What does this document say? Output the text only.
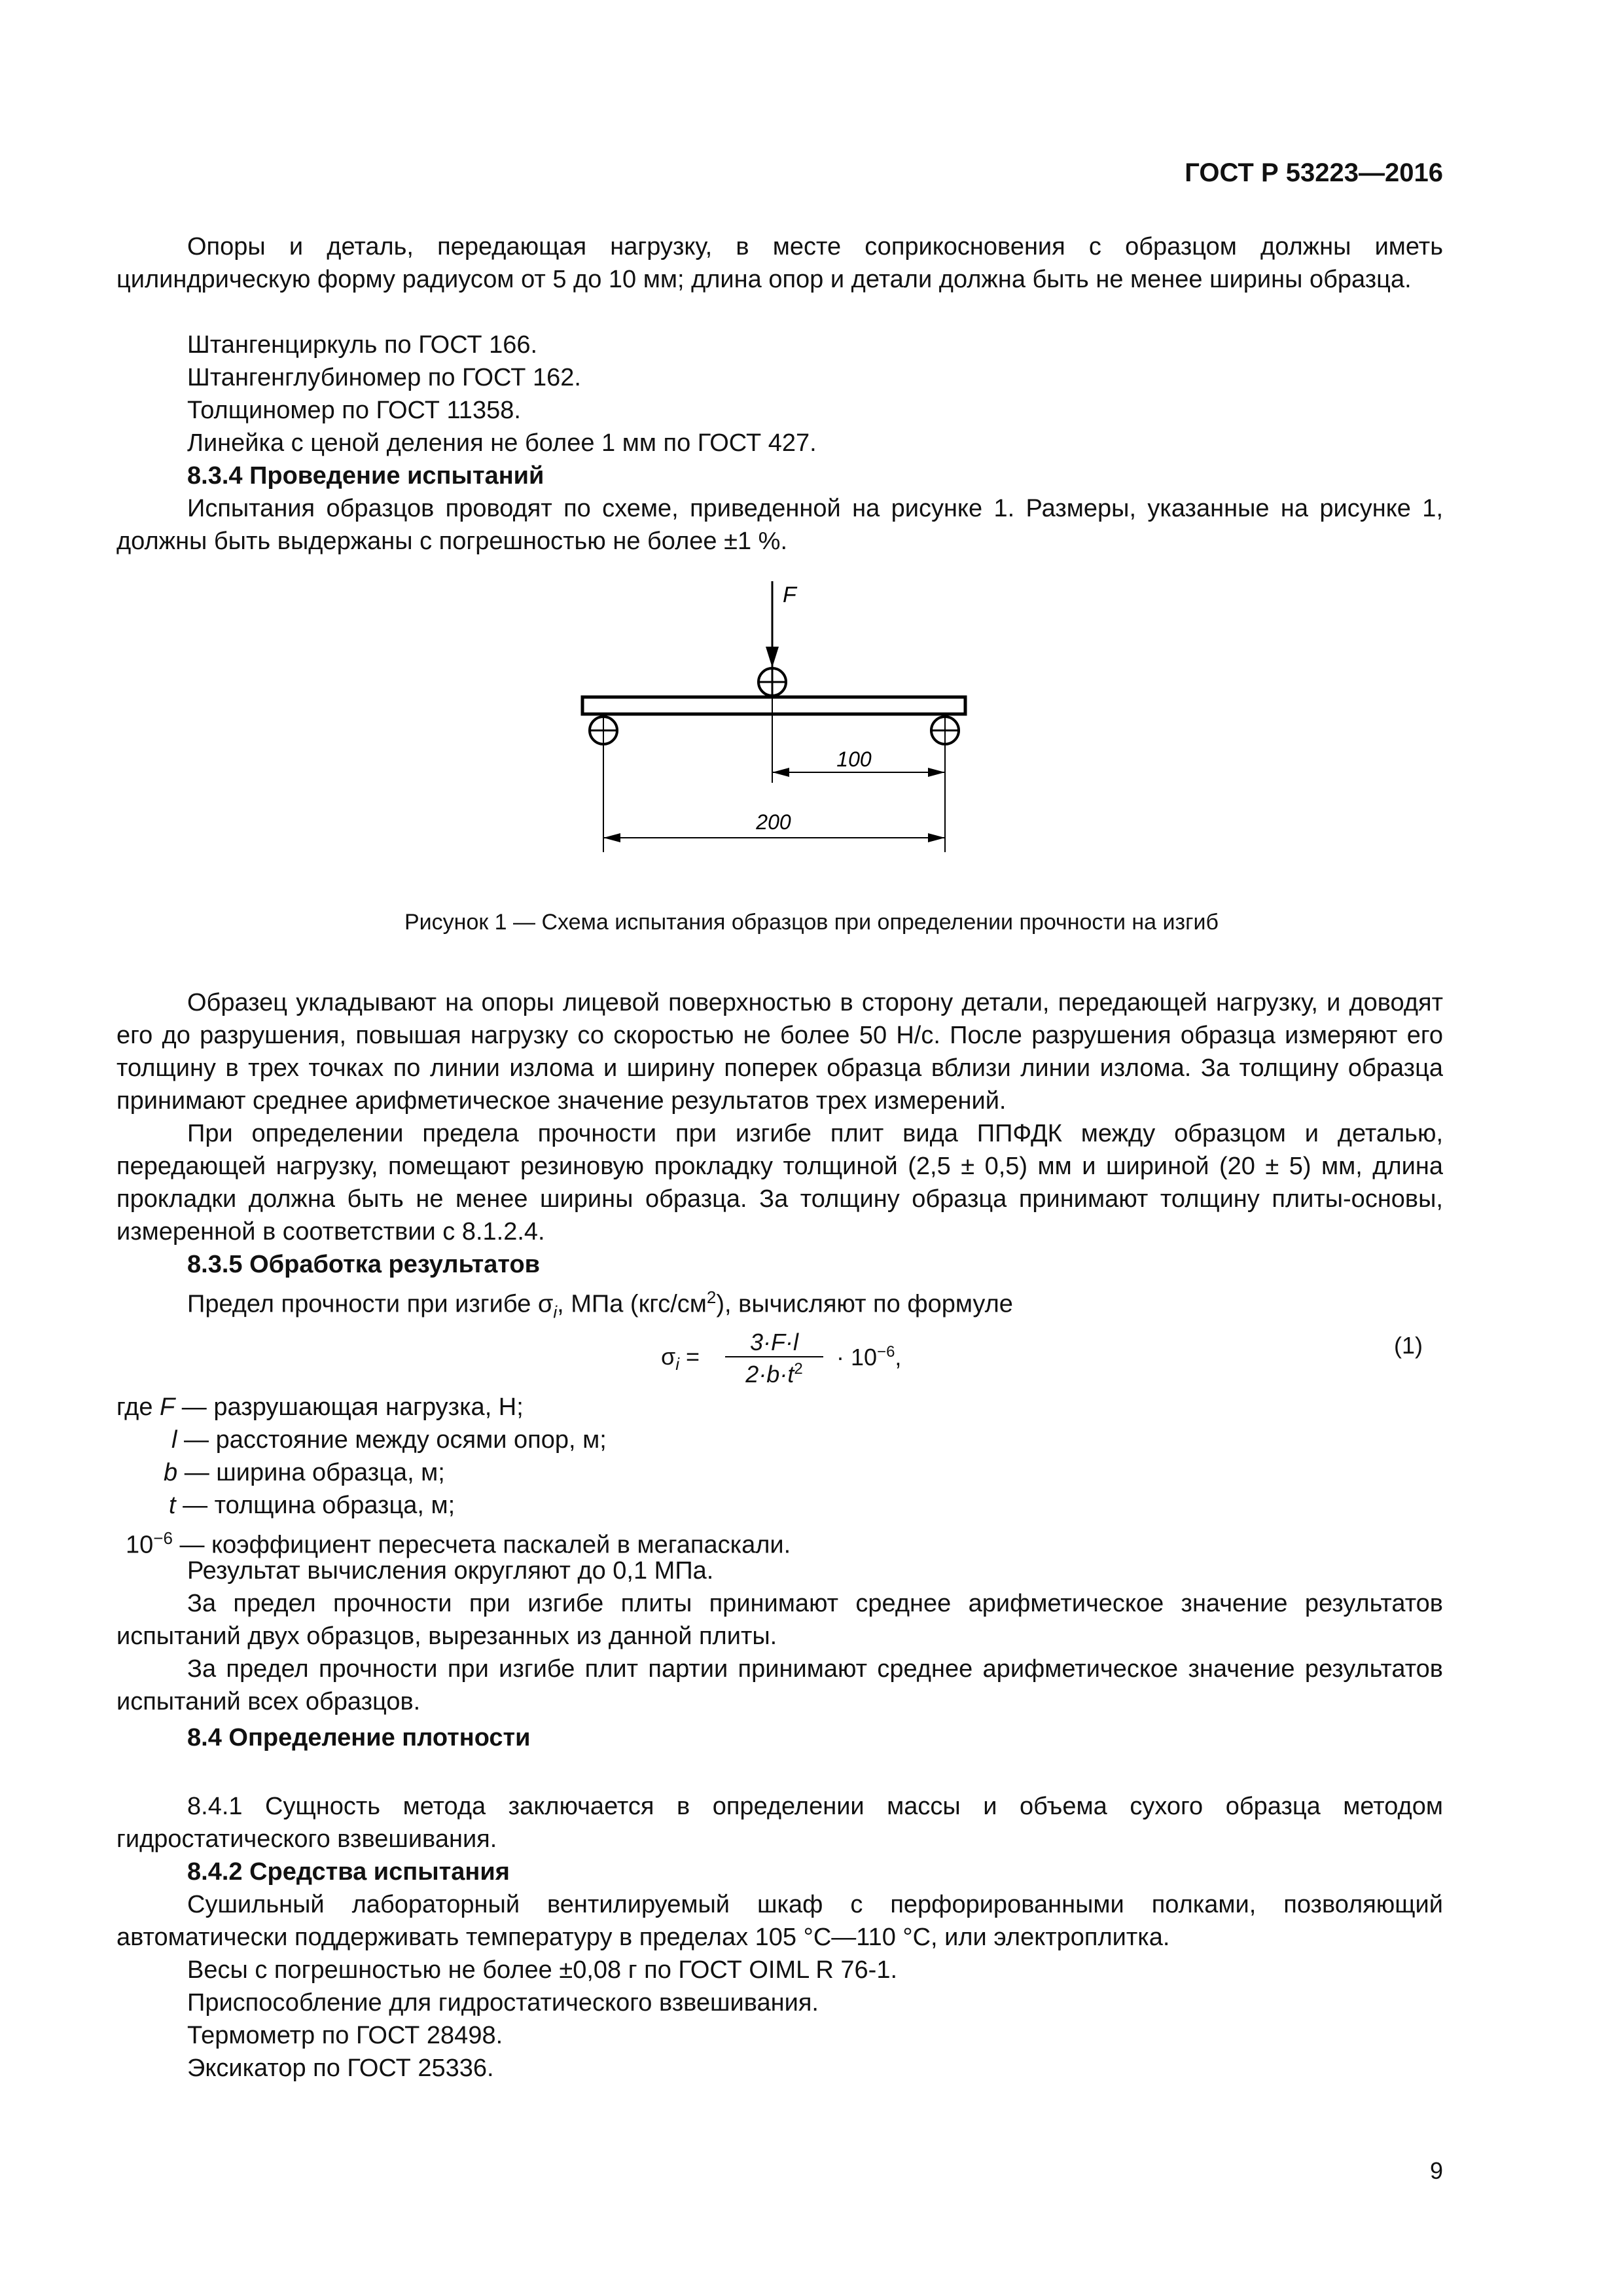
ГОСТ Р 53223—2016

Опоры и деталь, передающая нагрузку, в месте соприкосновения с образцом должны иметь цилиндрическую форму радиусом от 5 до 10 мм; длина опор и детали должна быть не менее ширины образца.

Штангенциркуль по ГОСТ 166.
Штангенглубиномер по ГОСТ 162.
Толщиномер по ГОСТ 11358.
Линейка с ценой деления не более 1 мм по ГОСТ 427.
8.3.4 Проведение испытаний

Испытания образцов проводят по схеме, приведенной на рисунке 1. Размеры, указанные на рисунке 1, должны быть выдержаны с погрешностью не более ±1 %.

F
100
200
Рисунок 1 — Схема испытания образцов при определении прочности на изгиб

Образец укладывают на опоры лицевой поверхностью в сторону детали, передающей нагрузку, и доводят его до разрушения, повышая нагрузку со скоростью не более 50 Н/с. После разрушения образца измеряют его толщину в трех точках по линии излома и ширину поперек образца вблизи линии излома. За толщину образца принимают среднее арифметическое значение результатов трех измерений.

При определении предела прочности при изгибе плит вида ППФДК между образцом и деталью, передающей нагрузку, помещают резиновую прокладку толщиной (2,5 ± 0,5) мм и шириной (20 ± 5) мм, длина прокладки должна быть не менее ширины образца. За толщину образца принимают толщину плиты-основы, измеренной в соответствии с 8.1.2.4.

8.3.5 Обработка результатов
Предел прочности при изгибе $\sigma_i$, МПа $(кгс/см^2)$, вычисляют по формуле
$\sigma_i$ =
3·F·l
$2\cdot b\cdot t^2$	· $10^{-6}$,	(1)
где F — разрушающая нагрузка, Н;
l — расстояние между осями опор, м;
b — ширина образца, м;
t — толщина образца, м;
$10^{-6}$ — коэффициент пересчета паскалей в мегапаскали.
Результат вычисления округляют до 0,1 МПа.

За предел прочности при изгибе плиты принимают среднее арифметическое значение результатов испытаний двух образцов, вырезанных из данной плиты.

За предел прочности при изгибе плит партии принимают среднее арифметическое значение результатов испытаний всех образцов.

8.4 Определение плотности

8.4.1 Сущность метода заключается в определении массы и объема сухого образца методом гидростатического взвешивания.

8.4.2 Средства испытания

Сушильный лабораторный вентилируемый шкаф с перфорированными полками, позволяющий автоматически поддерживать температуру в пределах 105 °С—110 °С, или электроплитка.

Весы с погрешностью не более ±0,08 г по ГОСТ OIML R 76-1.
Приспособление для гидростатического взвешивания.
Термометр по ГОСТ 28498.
Эксикатор по ГОСТ 25336.
9
